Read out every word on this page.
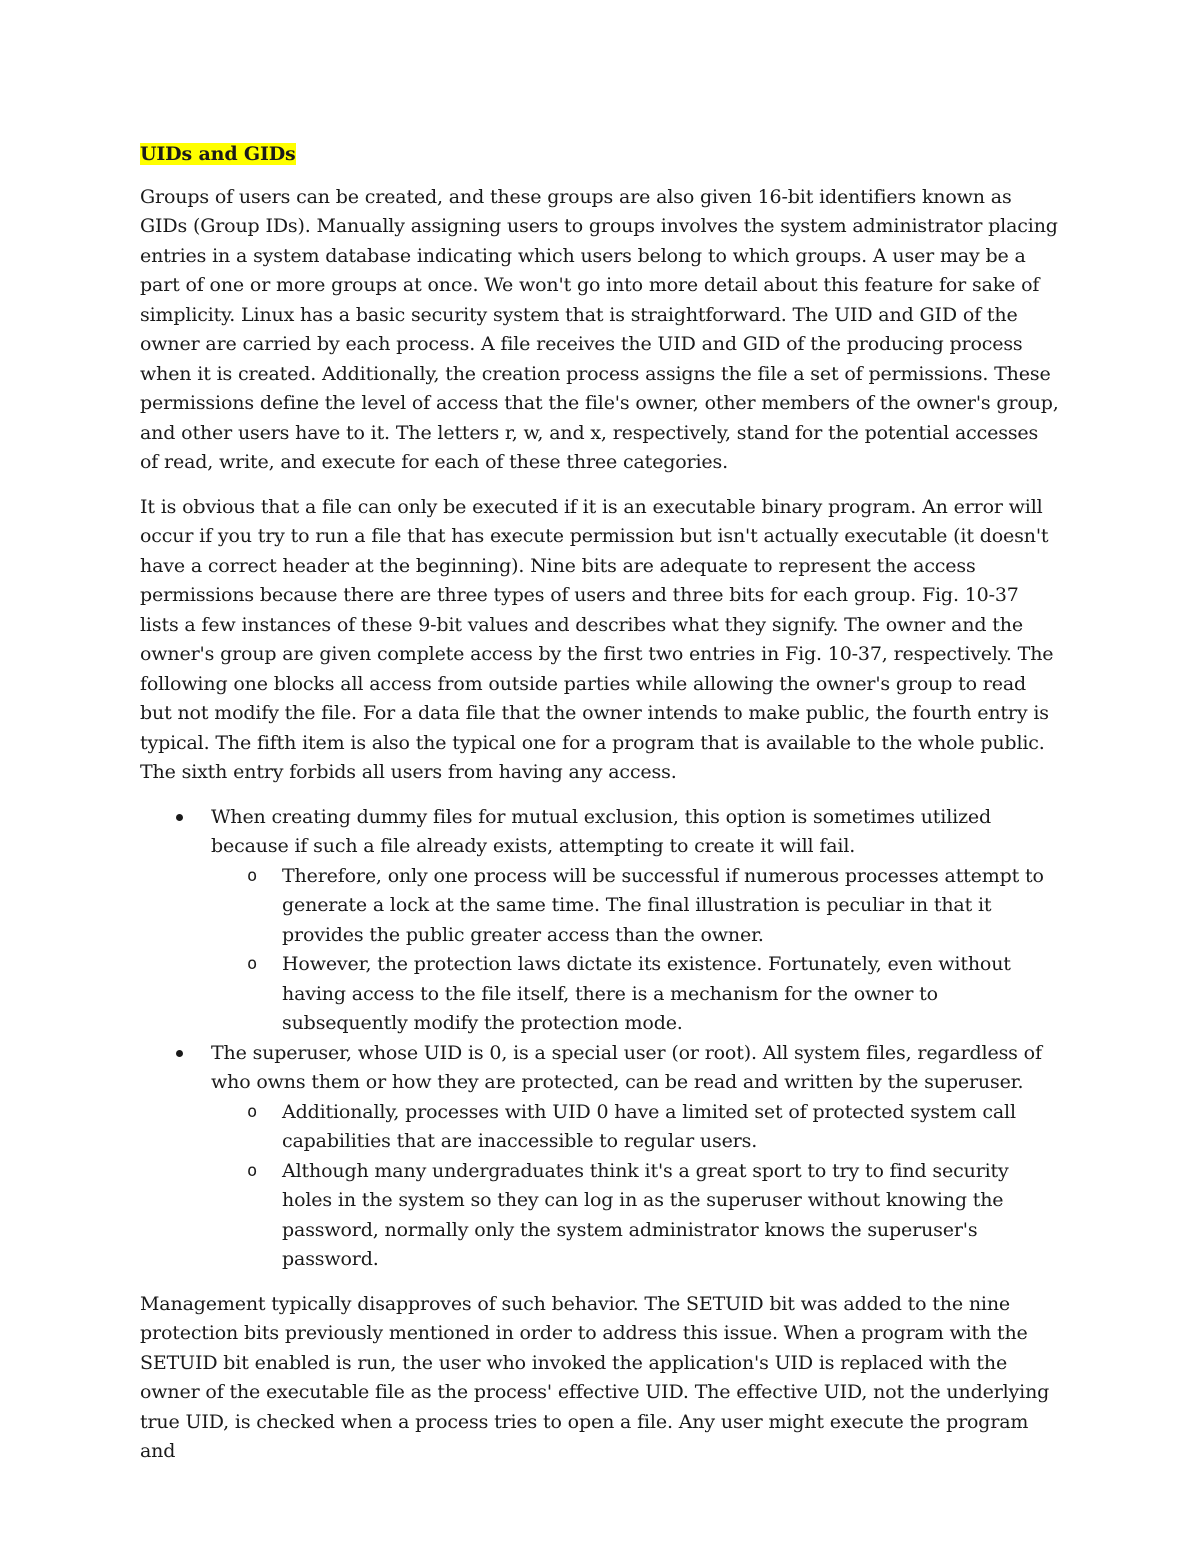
UIDs and GIDs

Groups of users can be created, and these groups are also given 16-bit identifiers known as GIDs (Group IDs). Manually assigning users to groups involves the system administrator placing entries in a system database indicating which users belong to which groups. A user may be a part of one or more groups at once. We won't go into more detail about this feature for sake of simplicity. Linux has a basic security system that is straightforward. The UID and GID of the owner are carried by each process. A file receives the UID and GID of the producing process when it is created. Additionally, the creation process assigns the file a set of permissions. These permissions define the level of access that the file's owner, other members of the owner's group, and other users have to it. The letters r, w, and x, respectively, stand for the potential accesses of read, write, and execute for each of these three categories.

It is obvious that a file can only be executed if it is an executable binary program. An error will occur if you try to run a file that has execute permission but isn't actually executable (it doesn't have a correct header at the beginning). Nine bits are adequate to represent the access permissions because there are three types of users and three bits for each group. Fig. 10-37 lists a few instances of these 9-bit values and describes what they signify. The owner and the owner's group are given complete access by the first two entries in Fig. 10-37, respectively. The following one blocks all access from outside parties while allowing the owner's group to read but not modify the file. For a data file that the owner intends to make public, the fourth entry is typical. The fifth item is also the typical one for a program that is available to the whole public. The sixth entry forbids all users from having any access.

When creating dummy files for mutual exclusion, this option is sometimes utilized because if such a file already exists, attempting to create it will fail.
o Therefore, only one process will be successful if numerous processes attempt to generate a lock at the same time. The final illustration is peculiar in that it provides the public greater access than the owner.
o However, the protection laws dictate its existence. Fortunately, even without having access to the file itself, there is a mechanism for the owner to subsequently modify the protection mode.
The superuser, whose UID is 0, is a special user (or root). All system files, regardless of who owns them or how they are protected, can be read and written by the superuser.
o Additionally, processes with UID 0 have a limited set of protected system call capabilities that are inaccessible to regular users.
o Although many undergraduates think it's a great sport to try to find security holes in the system so they can log in as the superuser without knowing the password, normally only the system administrator knows the superuser's password.

Management typically disapproves of such behavior. The SETUID bit was added to the nine protection bits previously mentioned in order to address this issue. When a program with the SETUID bit enabled is run, the user who invoked the application's UID is replaced with the owner of the executable file as the process' effective UID. The effective UID, not the underlying true UID, is checked when a process tries to open a file. Any user might execute the program and
